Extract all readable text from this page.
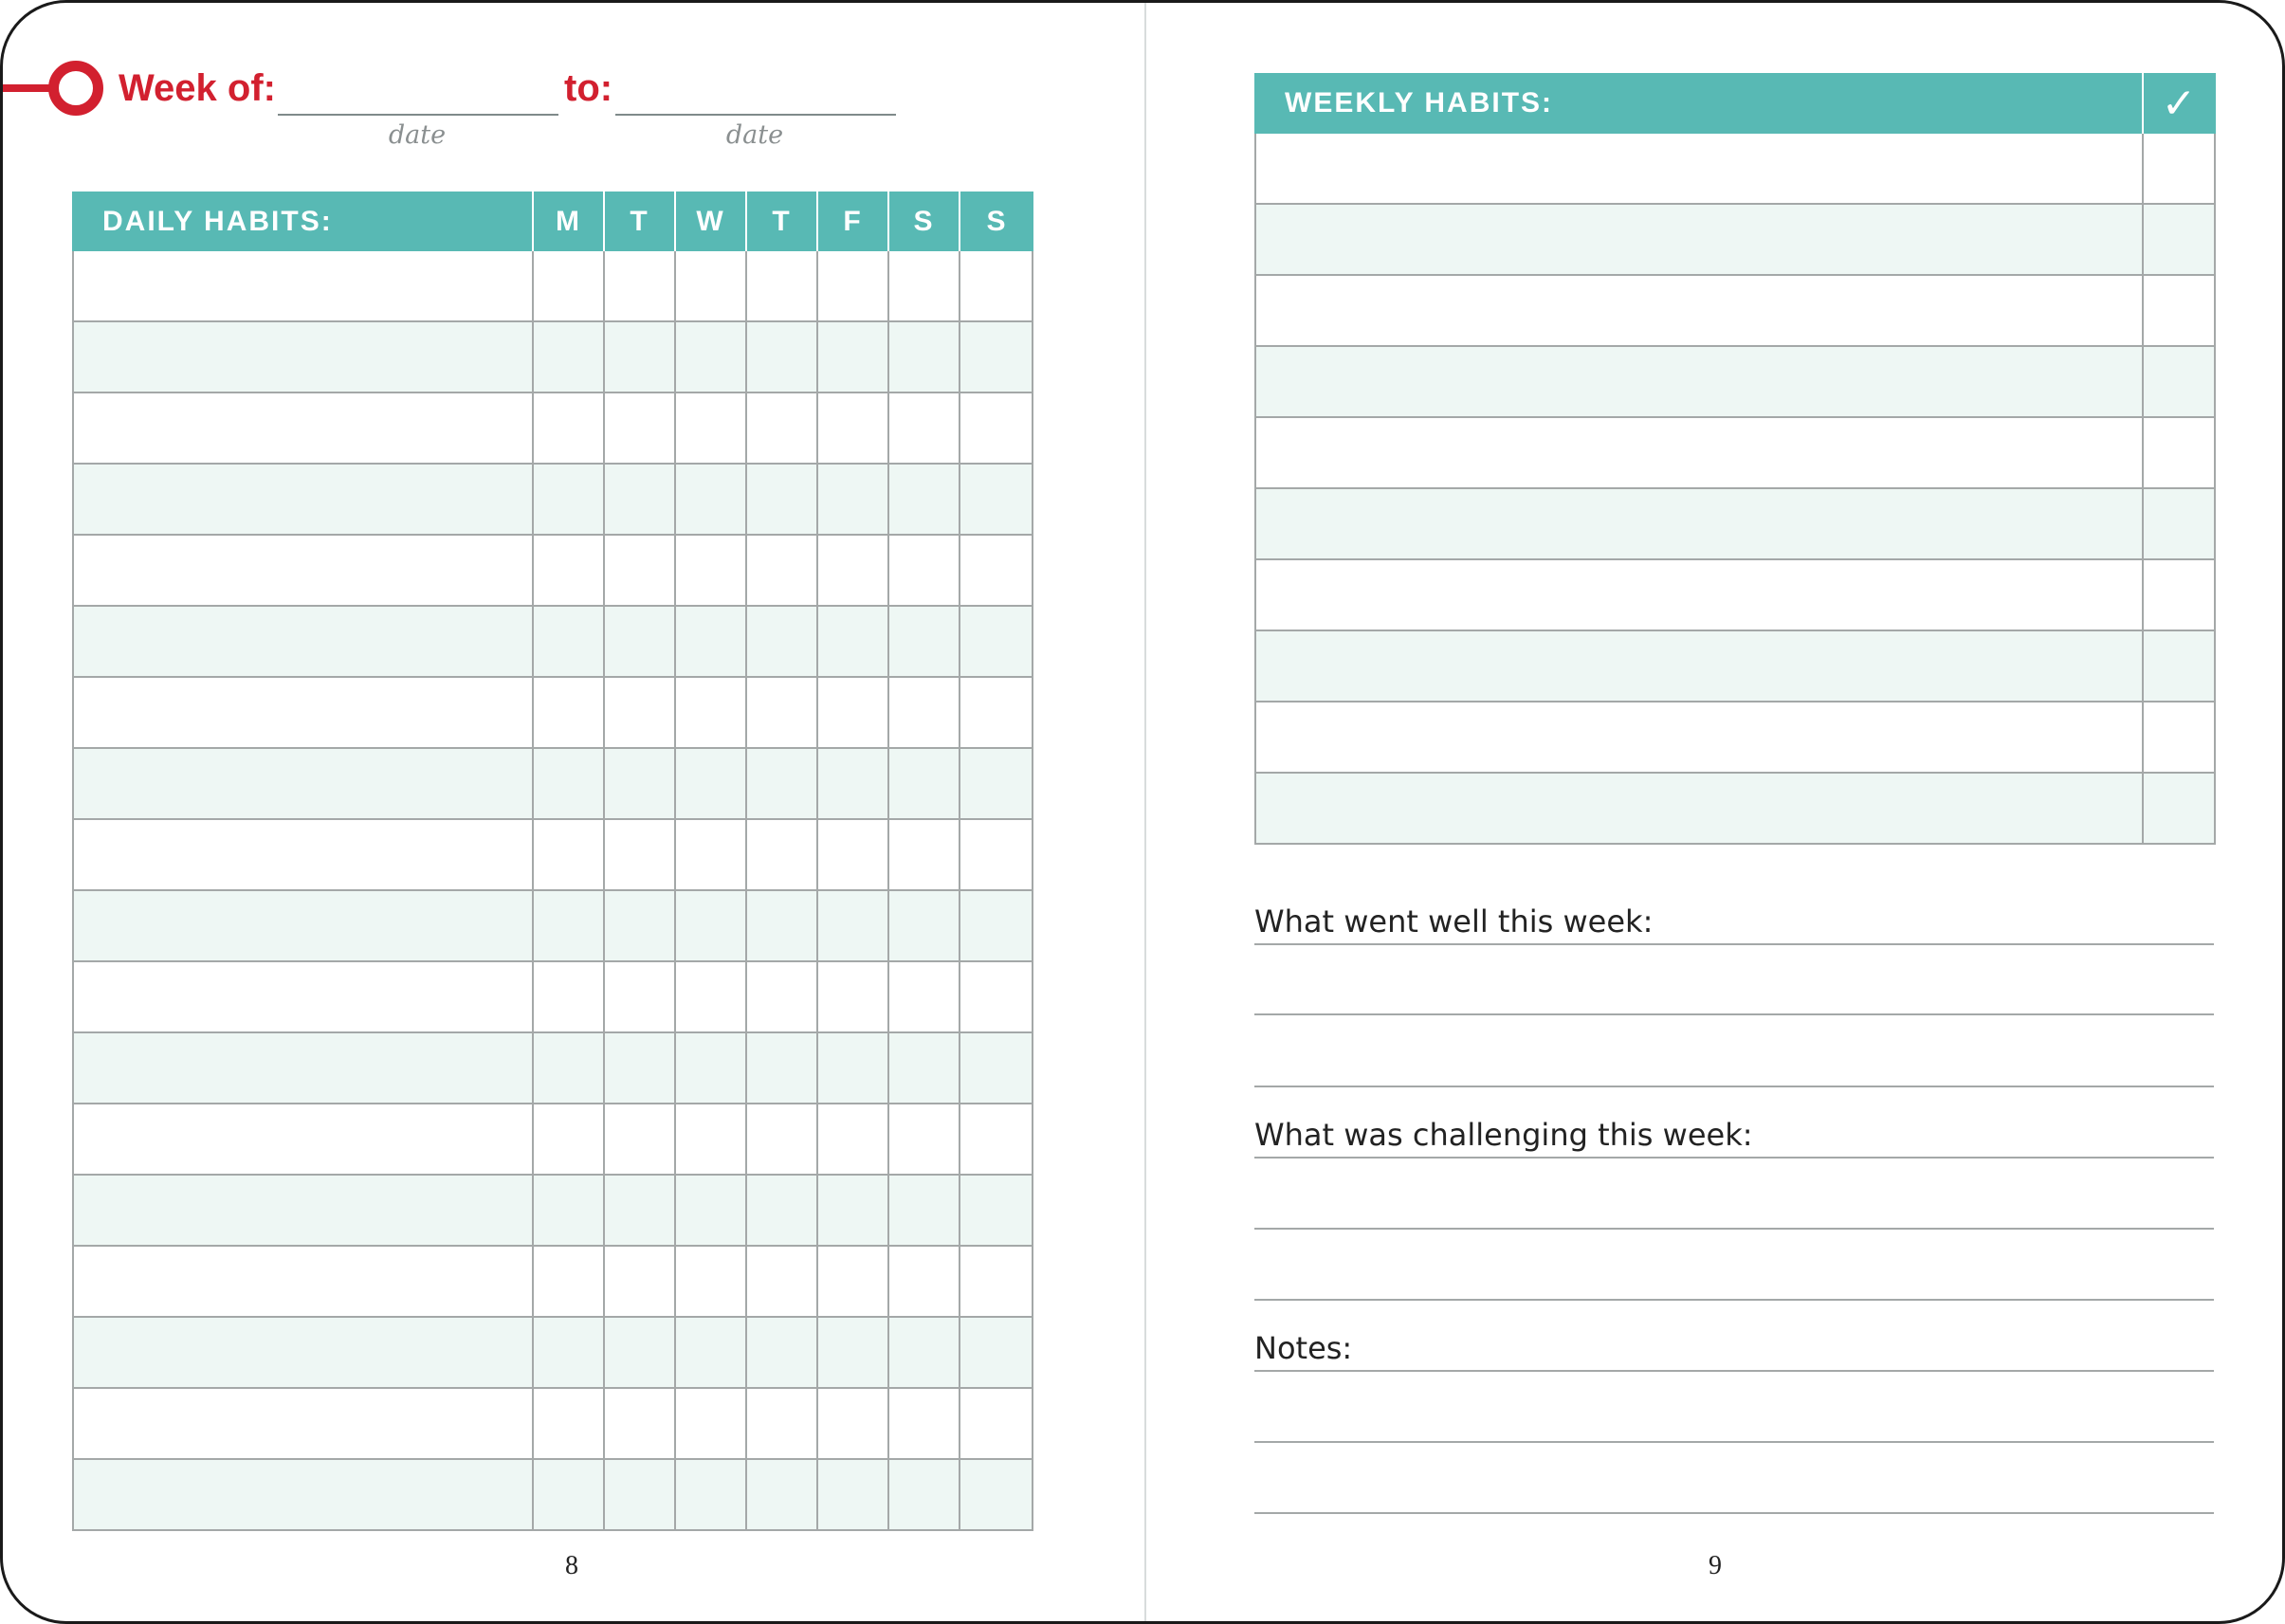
Week of:
date
to:
date
DAILY HABITS:	M	T	W	T	F	S	S
WEEKLY HABITS:	✓
What went well this week:
What was challenging this week:
Notes:
8	9
